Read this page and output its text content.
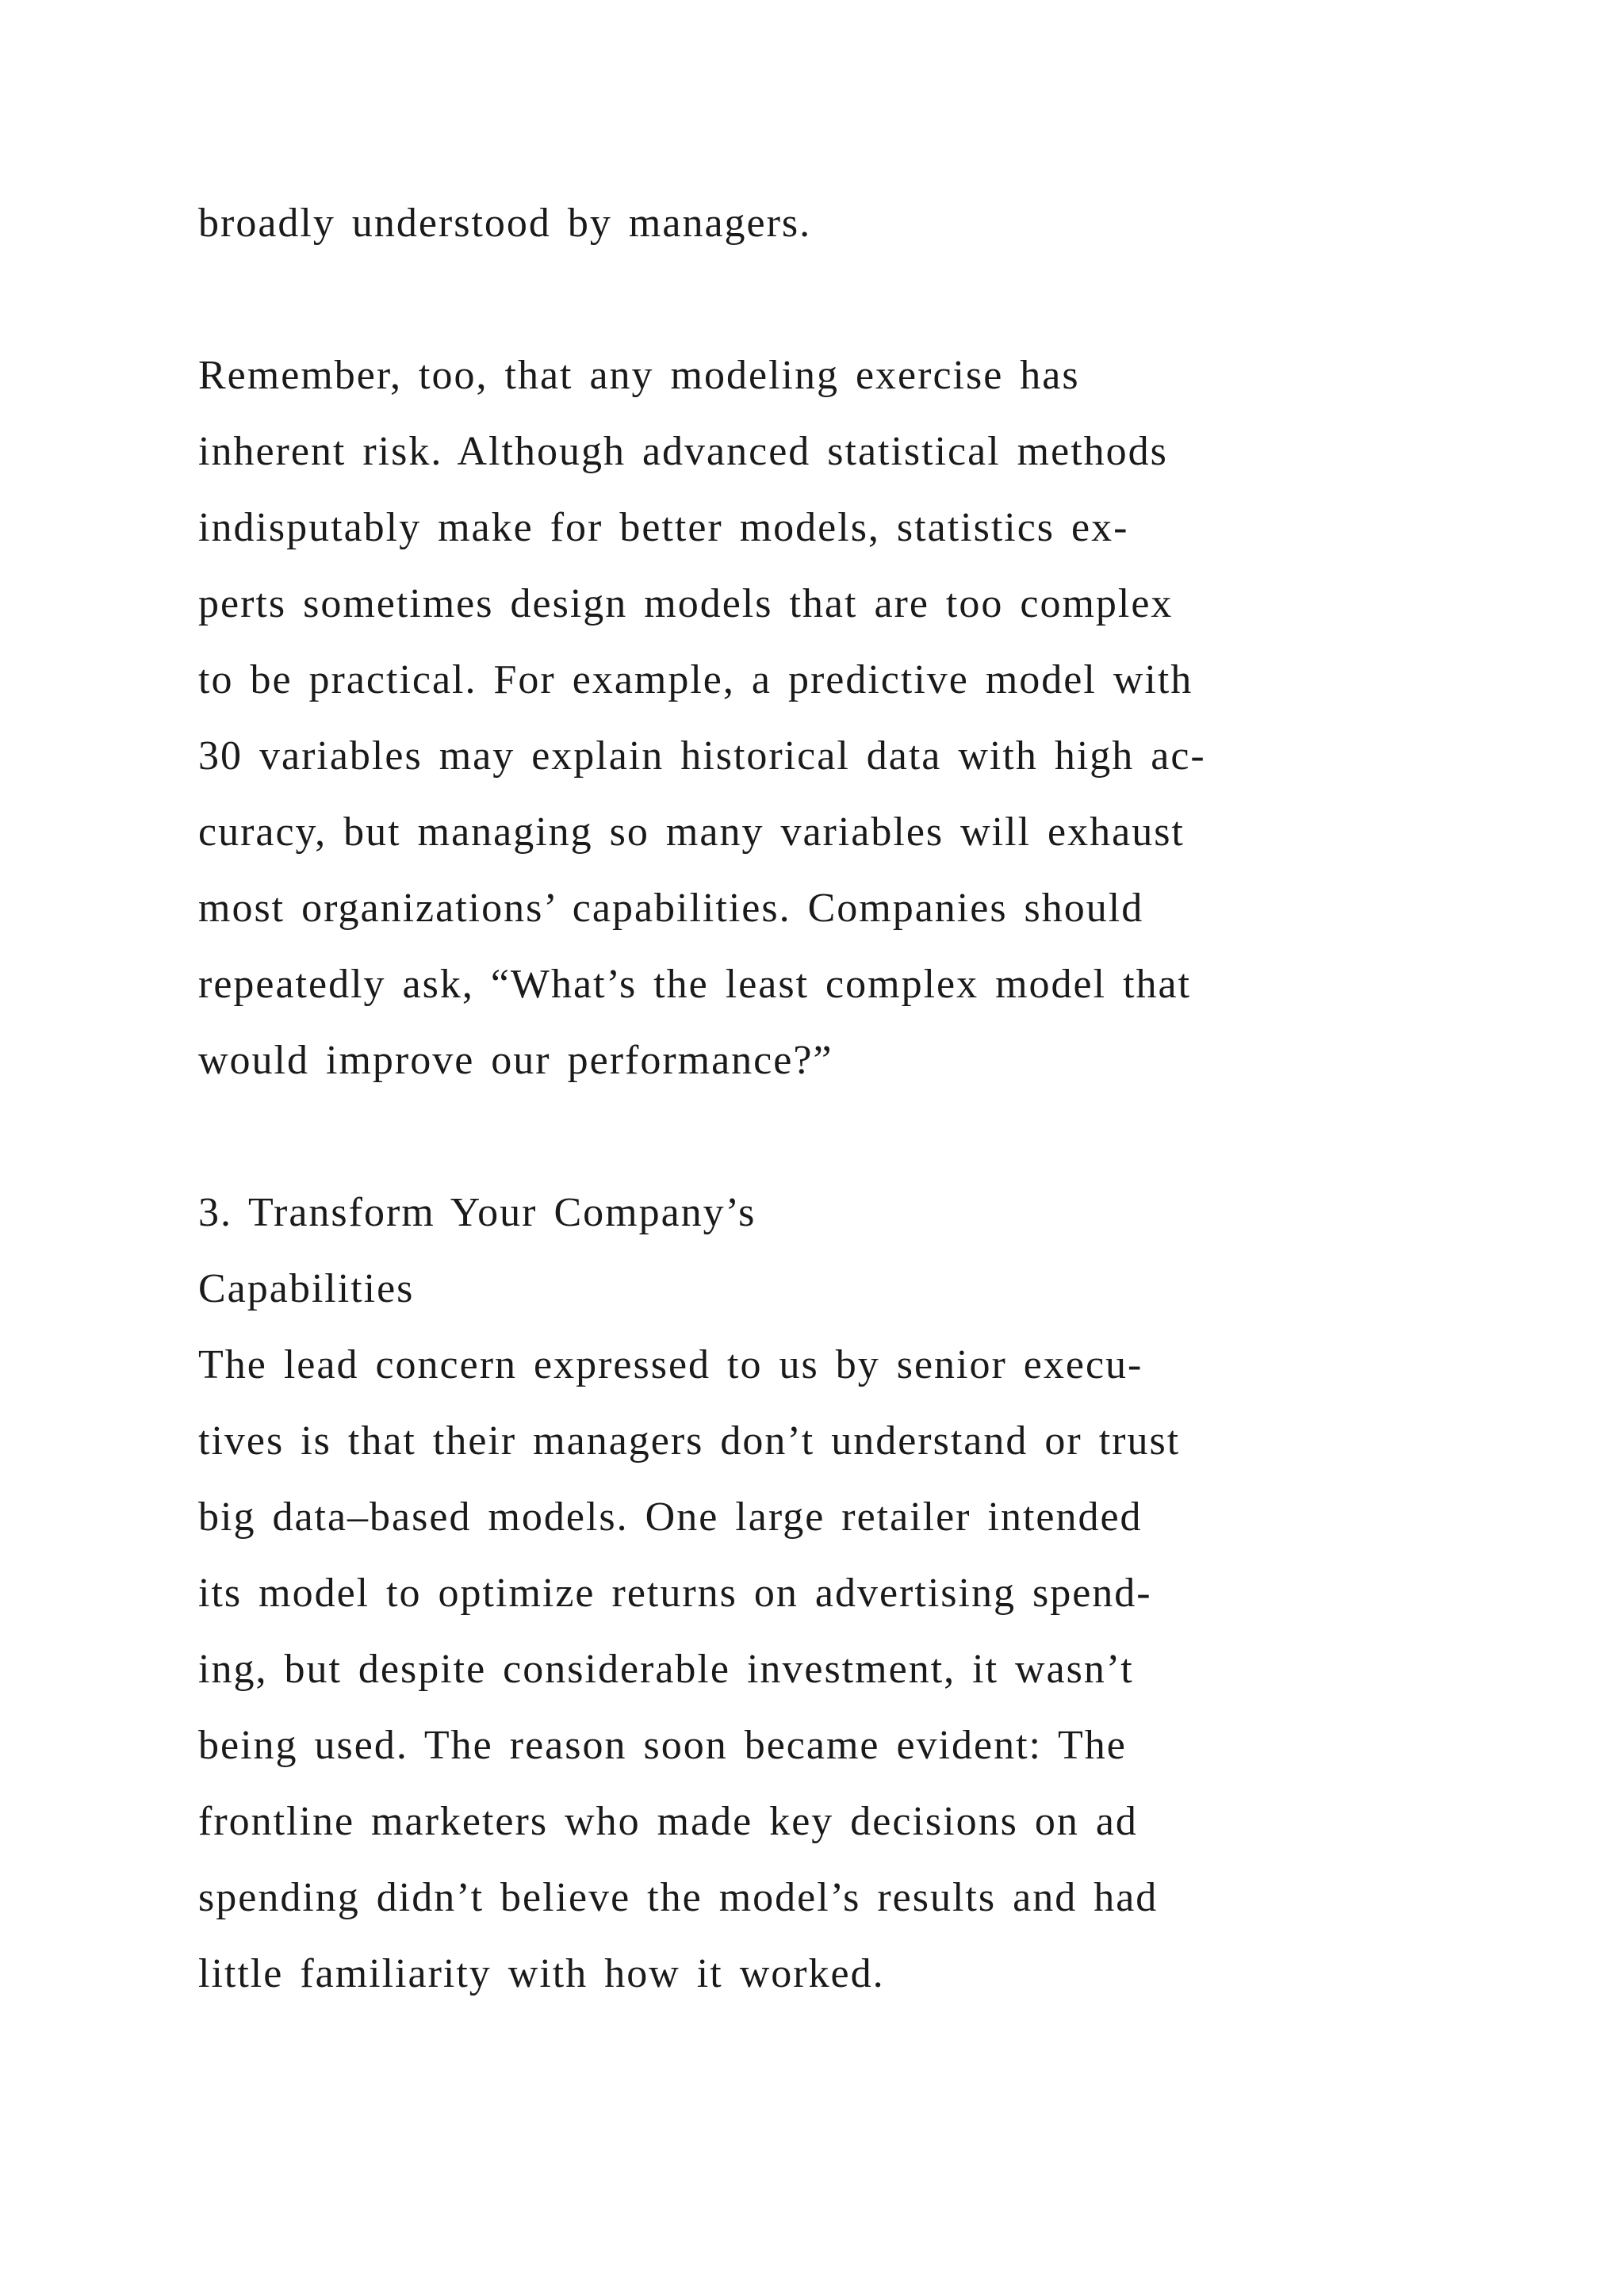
broadly understood by managers.
Remember, too, that any modeling exercise has
inherent risk. Although advanced statistical methods
indisputably make for better models, statistics ex-
perts sometimes design models that are too complex
to be practical. For example, a predictive model with
30 variables may explain historical data with high ac-
curacy, but managing so many variables will exhaust
most organizations’ capabilities. Companies should
repeatedly ask, “What’s the least complex model that
would improve our performance?”
3. Transform Your Company’s
Capabilities
The lead concern expressed to us by senior execu-
tives is that their managers don’t understand or trust
big data–based models. One large retailer intended
its model to optimize returns on advertising spend-
ing, but despite considerable investment, it wasn’t
being used. The reason soon became evident: The
frontline marketers who made key decisions on ad
spending didn’t believe the model’s results and had
little familiarity with how it worked.
